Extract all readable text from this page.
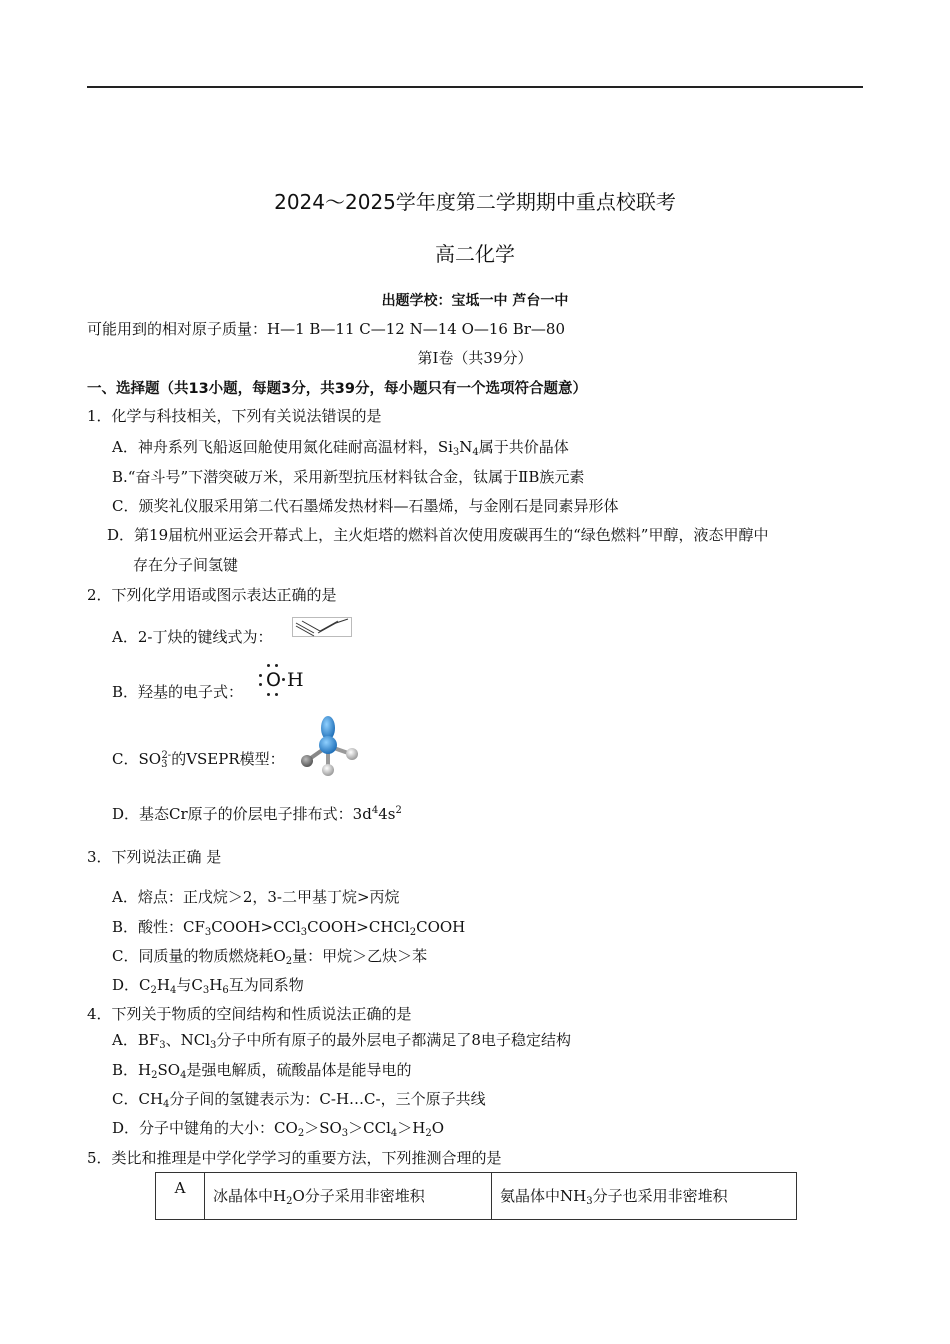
2024～2025学年度第二学期期中重点校联考
高二化学
出题学校：宝坻一中 芦台一中
可能用到的相对原子质量：H—1 B—11 C—12 N—14 O—16 Br—80
第Ⅰ卷（共39分）
一、选择题（共13小题，每题3分，共39分，每小题只有一个选项符合题意）
1．化学与科技相关，下列有关说法错误的是
A．神舟系列飞船返回舱使用氮化硅耐高温材料，$Si_3N_4$属于共价晶体
B.“奋斗号”下潜突破万米，采用新型抗压材料钛合金，钛属于ⅡB族元素
C．颁奖礼仪服采用第二代石墨烯发热材料—石墨烯，与金刚石是同素异形体
D．第19届杭州亚运会开幕式上，主火炬塔的燃料首次使用废碳再生的“绿色燃料”甲醇，液态甲醇中
存在分子间氢键
2．下列化学用语或图示表达正确的是
A．2-丁炔的键线式为：
B．羟基的电子式：
O H
C．$SO_3^{2-}$的VSEPR模型：
D．基态Cr原子的价层电子排布式：$3d^44s^2$
3．下列说法正确 是
A．熔点：正戊烷＞2，3-二甲基丁烷>丙烷
B．酸性：$CF_3COOH>CCl_3COOH>CHCl_2COOH$
C．同质量的物质燃烧耗$O_2$量：甲烷＞乙炔＞苯
D．$C_2H_4$与$C_3H_6$互为同系物
4．下列关于物质的空间结构和性质说法正确的是
A．$BF_3$、NCl$_3$分子中所有原子的最外层电子都满足了8电子稳定结构
B．$H_2SO_4$是强电解质，硫酸晶体是能导电的
C．$CH_4$分子间的氢键表示为：C-H…C-，三个原子共线
D．分子中键角的大小：$CO_2>SO_3>CCl_4>H_2O$
5．类比和推理是中学化学学习的重要方法，下列推测合理的是
A	冰晶体中$H_2O$分子采用非密堆积	氨晶体中$NH_3$分子也采用非密堆积
